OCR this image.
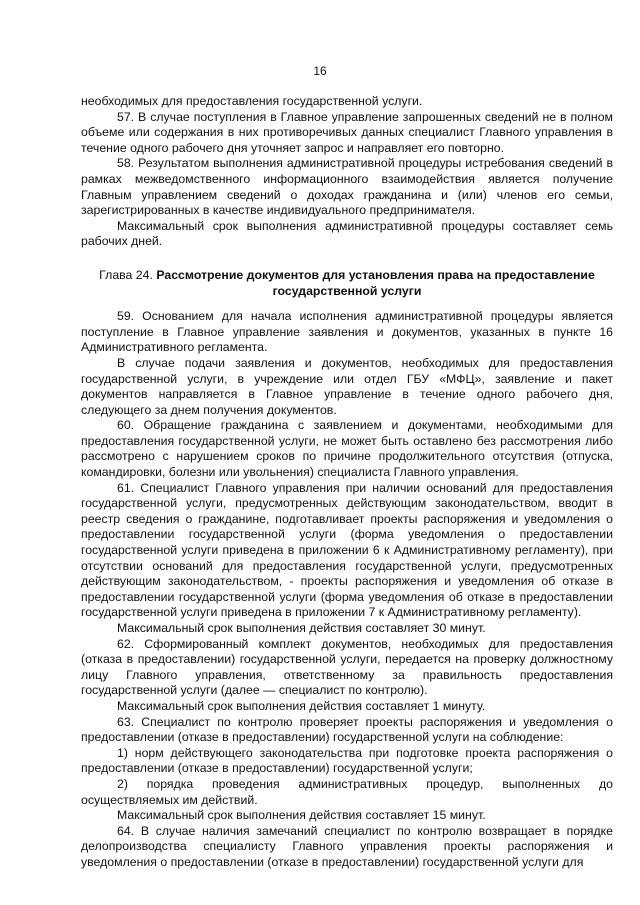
16

необходимых для предоставления государственной услуги.

57. В случае поступления в Главное управление запрошенных сведений не в полном объеме или содержания в них противоречивых данных специалист Главного управления в течение одного рабочего дня уточняет запрос и направляет его повторно.

58. Результатом выполнения административной процедуры истребования сведений в рамках межведомственного информационного взаимодействия является получение Главным управлением сведений о доходах гражданина и (или) членов его семьи, зарегистрированных в качестве индивидуального предпринимателя.

Максимальный срок выполнения административной процедуры составляет семь рабочих дней.

Глава 24. Рассмотрение документов для установления права на предоставление государственной услуги

59. Основанием для начала исполнения административной процедуры является поступление в Главное управление заявления и документов, указанных в пункте 16 Административного регламента.

В случае подачи заявления и документов, необходимых для предоставления государственной услуги, в учреждение или отдел ГБУ «МФЦ», заявление и пакет документов направляется в Главное управление в течение одного рабочего дня, следующего за днем получения документов.

60. Обращение гражданина с заявлением и документами, необходимыми для предоставления государственной услуги, не может быть оставлено без рассмотрения либо рассмотрено с нарушением сроков по причине продолжительного отсутствия (отпуска, командировки, болезни или увольнения) специалиста Главного управления.

61. Специалист Главного управления при наличии оснований для предоставления государственной услуги, предусмотренных действующим законодательством, вводит в реестр сведения о гражданине, подготавливает проекты распоряжения и уведомления о предоставлении государственной услуги (форма уведомления о предоставлении государственной услуги приведена в приложении 6 к Административному регламенту), при отсутствии оснований для предоставления государственной услуги, предусмотренных действующим законодательством, - проекты распоряжения и уведомления об отказе в предоставлении государственной услуги (форма уведомления об отказе в предоставлении государственной услуги приведена в приложении 7 к Административному регламенту).

Максимальный срок выполнения действия составляет 30 минут.

62. Сформированный комплект документов, необходимых для предоставления (отказа в предоставлении) государственной услуги, передается на проверку должностному лицу Главного управления, ответственному за правильность предоставления государственной услуги (далее — специалист по контролю).

Максимальный срок выполнения действия составляет 1 минуту.

63. Специалист по контролю проверяет проекты распоряжения и уведомления о предоставлении (отказе в предоставлении) государственной услуги на соблюдение:

1) норм действующего законодательства при подготовке проекта распоряжения о предоставлении (отказе в предоставлении) государственной услуги;

2) порядка проведения административных процедур, выполненных до осуществляемых им действий.

Максимальный срок выполнения действия составляет 15 минут.

64. В случае наличия замечаний специалист по контролю возвращает в порядке делопроизводства специалисту Главного управления проекты распоряжения и уведомления о предоставлении (отказе в предоставлении) государственной услуги для
